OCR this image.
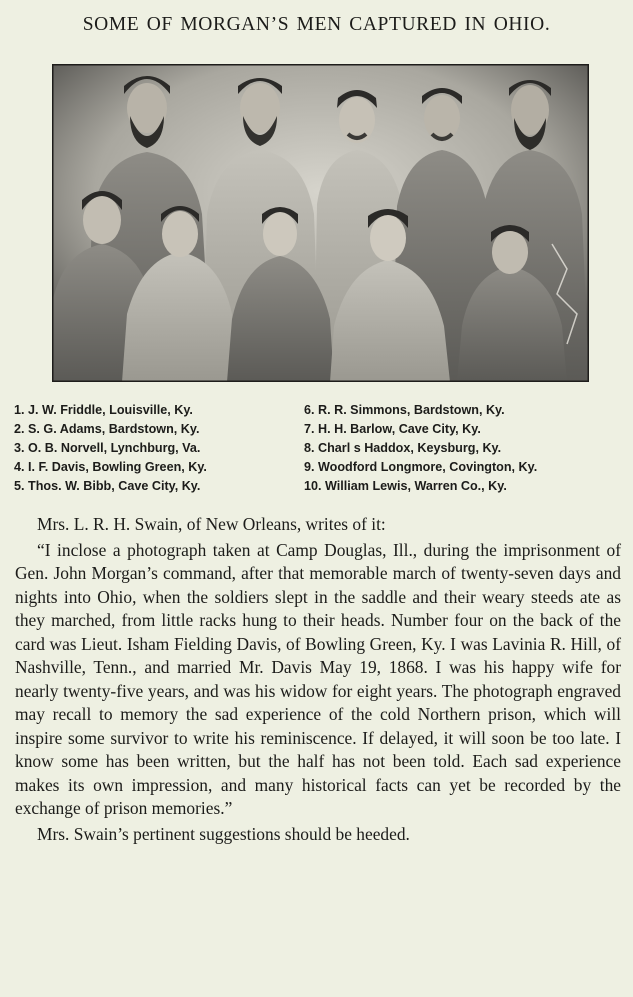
SOME OF MORGAN’S MEN CAPTURED IN OHIO.
1. J. W. Friddle, Louisville, Ky.
2. S. G. Adams, Bardstown, Ky.
3. O. B. Norvell, Lynchburg, Va.
4. I. F. Davis, Bowling Green, Ky.
5. Thos. W. Bibb, Cave City, Ky.
6. R. R. Simmons, Bardstown, Ky.
7. H. H. Barlow, Cave City, Ky.
8. Charl s Haddox, Keysburg, Ky.
9. Woodford Longmore, Covington, Ky.
10. William Lewis, Warren Co., Ky.

Mrs. L. R. H. Swain, of New Orleans, writes of it:

“I inclose a photograph taken at Camp Douglas, Ill., during the imprisonment of Gen. John Morgan’s command, after that memorable march of twenty-seven days and nights into Ohio, when the soldiers slept in the saddle and their weary steeds ate as they marched, from little racks hung to their heads. Number four on the back of the card was Lieut. Isham Fielding Davis, of Bowling Green, Ky. I was Lavinia R. Hill, of Nashville, Tenn., and married Mr. Davis May 19, 1868. I was his happy wife for nearly twenty-five years, and was his widow for eight years. The photograph engraved may recall to memory the sad experience of the cold Northern prison, which will inspire some survivor to write his reminiscence. If delayed, it will soon be too late. I know some has been written, but the half has not been told. Each sad experience makes its own impression, and many historical facts can yet be recorded by the exchange of prison memories.”

Mrs. Swain’s pertinent suggestions should be heeded.
